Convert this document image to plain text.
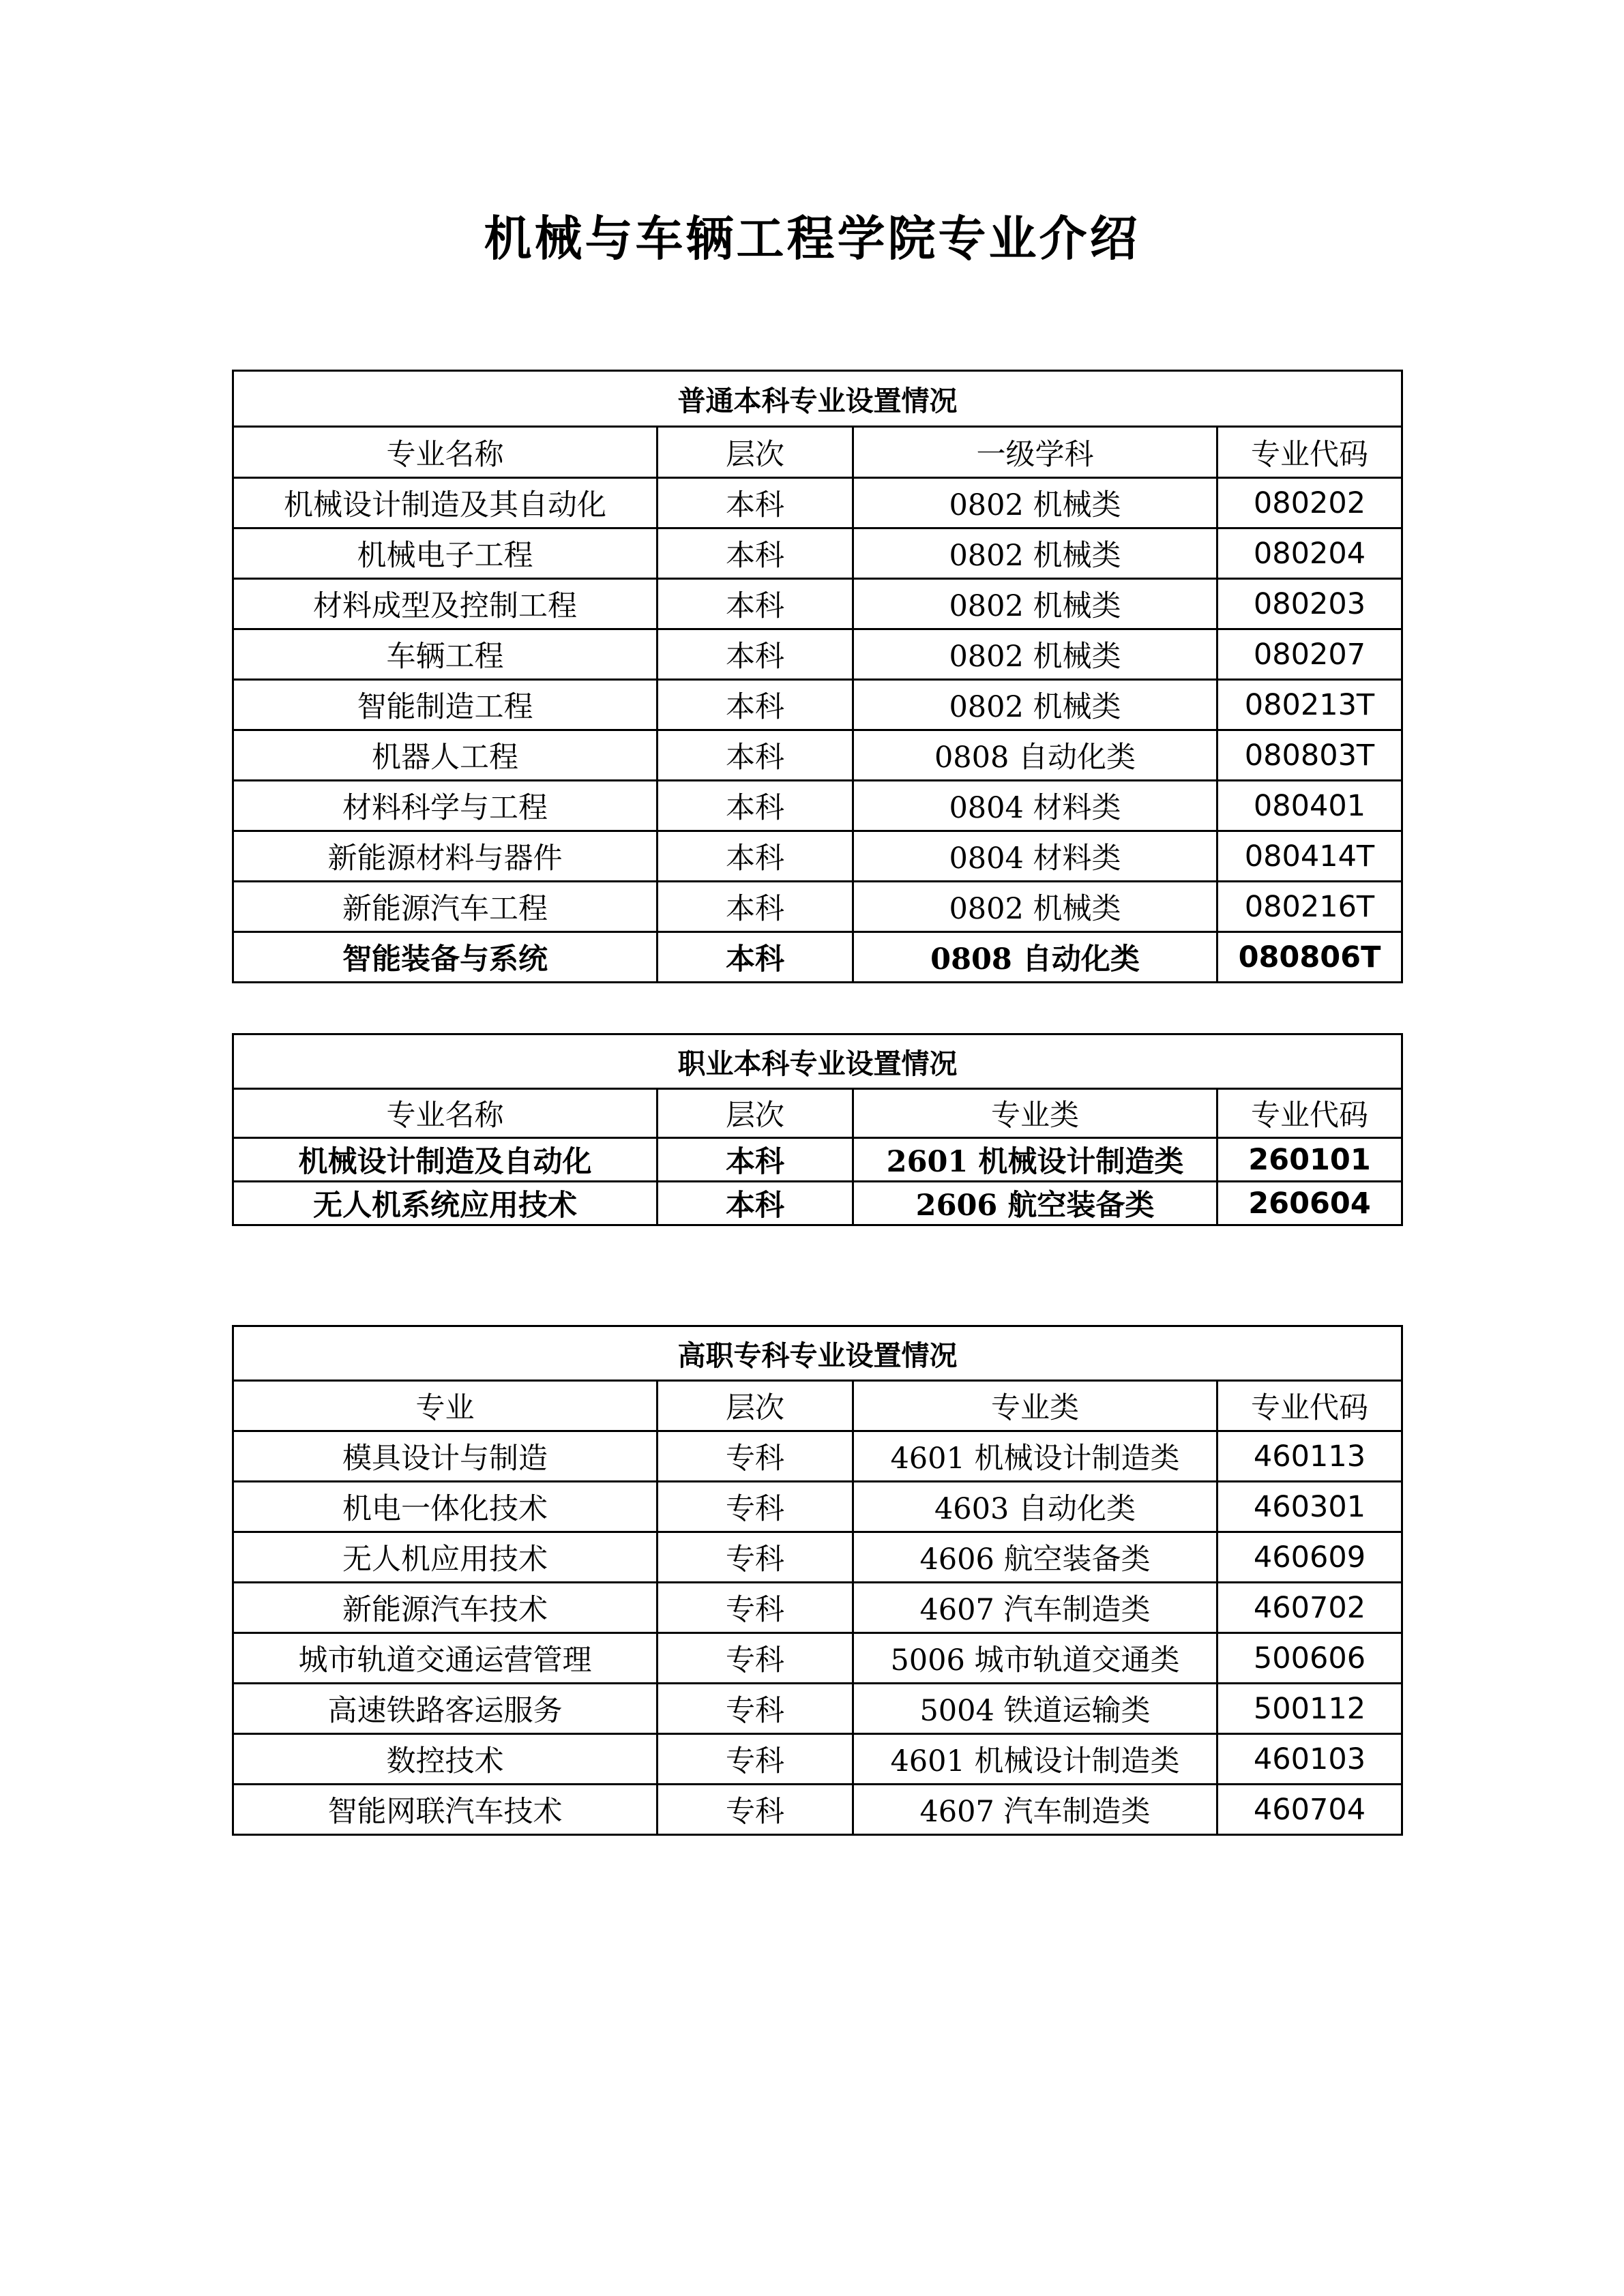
机械与车辆工程学院专业介绍
普通本科专业设置情况			
专业名称	层次	一级学科	专业代码
机械设计制造及其自动化	本科	0802 机械类	080202
机械电子工程	本科	0802 机械类	080204
材料成型及控制工程	本科	0802 机械类	080203
车辆工程	本科	0802 机械类	080207
智能制造工程	本科	0802 机械类	080213T
机器人工程	本科	0808 自动化类	080803T
材料科学与工程	本科	0804 材料类	080401
新能源材料与器件	本科	0804 材料类	080414T
新能源汽车工程	本科	0802 机械类	080216T
智能装备与系统	本科	0808 自动化类	080806T
职业本科专业设置情况			
专业名称	层次	专业类	专业代码
机械设计制造及自动化	本科	2601 机械设计制造类	260101
无人机系统应用技术	本科	2606 航空装备类	260604
高职专科专业设置情况			
专业	层次	专业类	专业代码
模具设计与制造	专科	4601 机械设计制造类	460113
机电一体化技术	专科	4603 自动化类	460301
无人机应用技术	专科	4606 航空装备类	460609
新能源汽车技术	专科	4607 汽车制造类	460702
城市轨道交通运营管理	专科	5006 城市轨道交通类	500606
高速铁路客运服务	专科	5004 铁道运输类	500112
数控技术	专科	4601 机械设计制造类	460103
智能网联汽车技术	专科	4607 汽车制造类	460704
